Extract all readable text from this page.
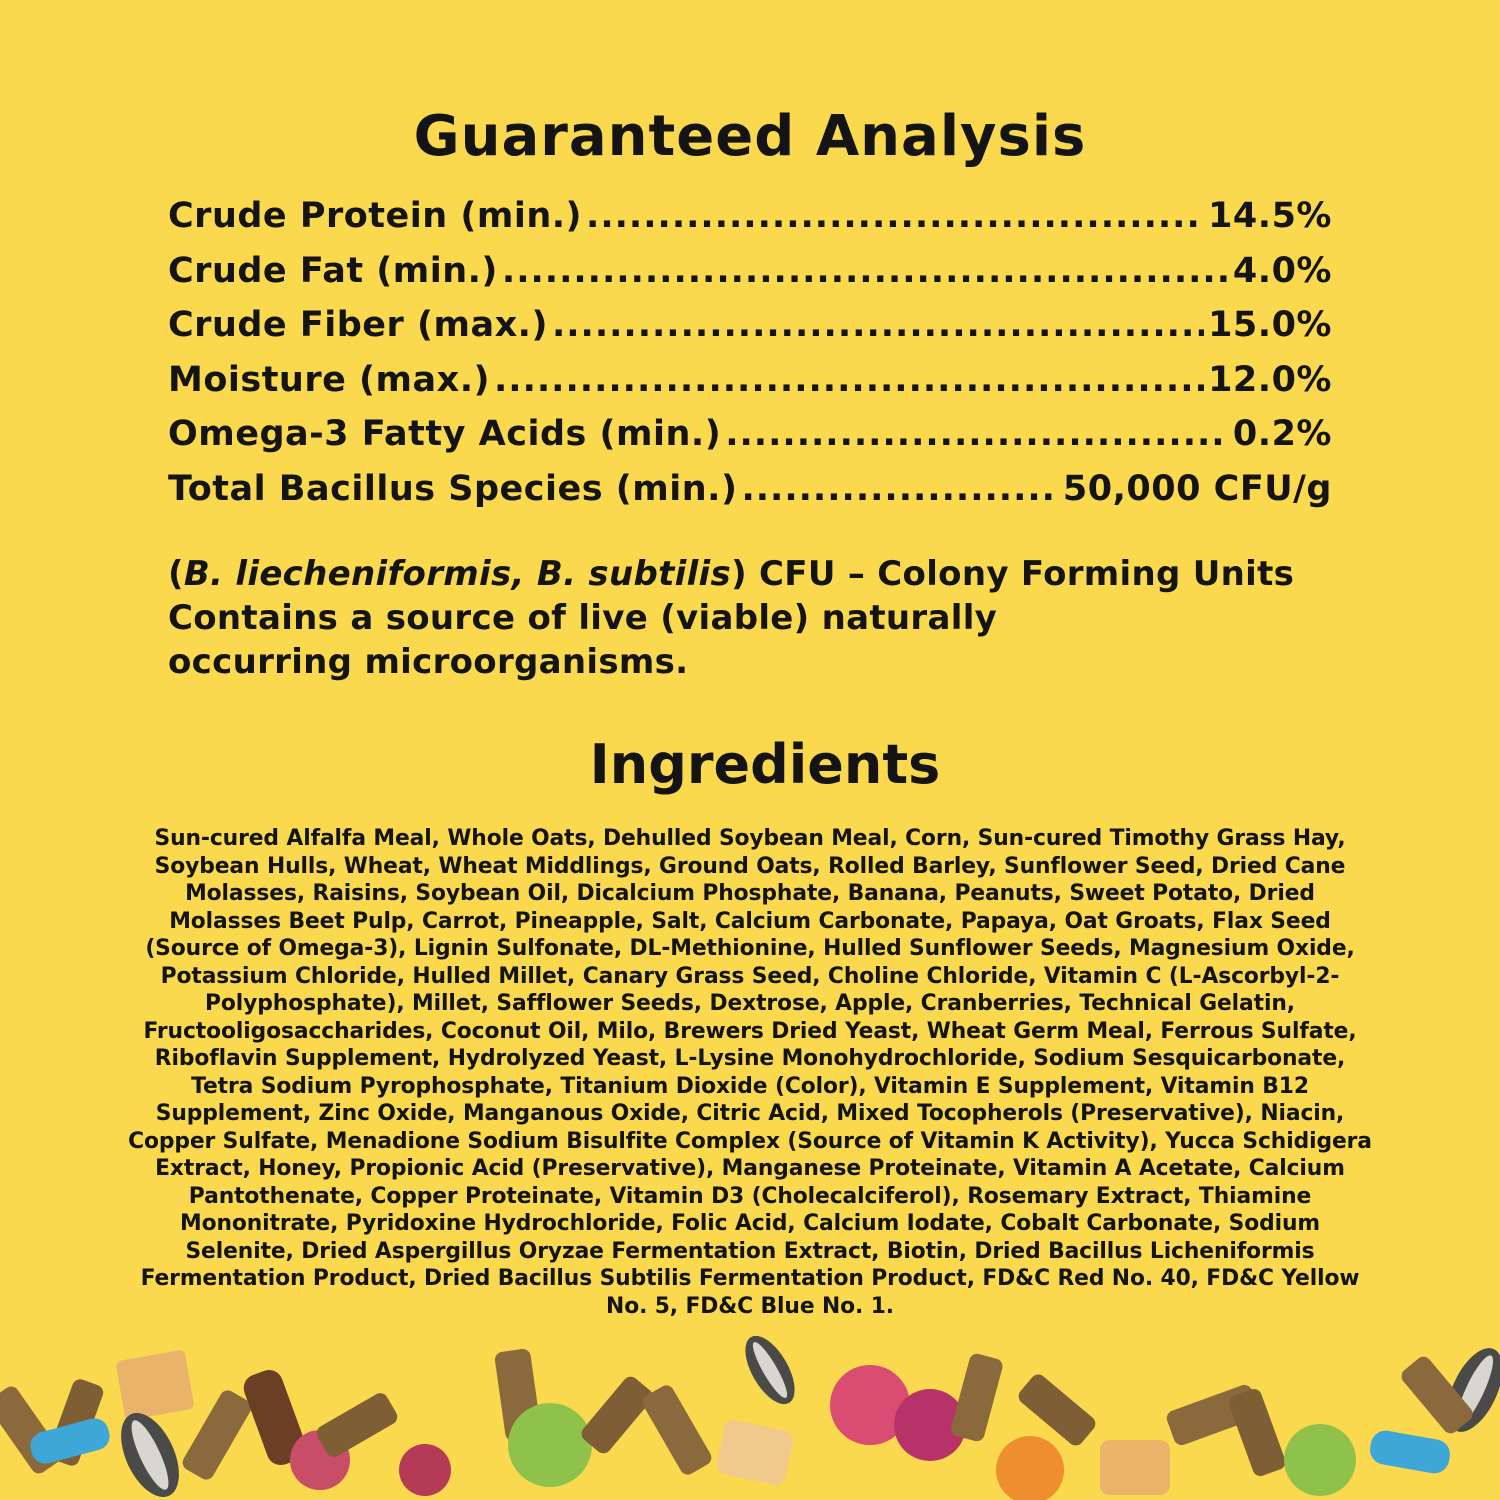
Guaranteed Analysis
Crude Protein (min.) .....	14.5%
Crude Fat (min.) .....	4.0%
Crude Fiber (max.) .....	15.0%
Moisture (max.) .....	12.0%
Omega-3 Fatty Acids (min.) .....	0.2%
Total Bacillus Species (min.) .....	50,000 CFU/g
(B. liecheniformis, B. subtilis) CFU – Colony Forming Units
Contains a source of live (viable) naturally
occurring microorganisms.
Ingredients
Sun-cured Alfalfa Meal, Whole Oats, Dehulled Soybean Meal, Corn, Sun-cured Timothy Grass Hay, Soybean Hulls, Wheat, Wheat Middlings, Ground Oats, Rolled Barley, Sunflower Seed, Dried Cane Molasses, Raisins, Soybean Oil, Dicalcium Phosphate, Banana, Peanuts, Sweet Potato, Dried Molasses Beet Pulp, Carrot, Pineapple, Salt, Calcium Carbonate, Papaya, Oat Groats, Flax Seed (Source of Omega-3), Lignin Sulfonate, DL-Methionine, Hulled Sunflower Seeds, Magnesium Oxide, Potassium Chloride, Hulled Millet, Canary Grass Seed, Choline Chloride, Vitamin C (L-Ascorbyl-2-Polyphosphate), Millet, Safflower Seeds, Dextrose, Apple, Cranberries, Technical Gelatin, Fructooligosaccharides, Coconut Oil, Milo, Brewers Dried Yeast, Wheat Germ Meal, Ferrous Sulfate, Riboflavin Supplement, Hydrolyzed Yeast, L-Lysine Monohydrochloride, Sodium Sesquicarbonate, Tetra Sodium Pyrophosphate, Titanium Dioxide (Color), Vitamin E Supplement, Vitamin B12 Supplement, Zinc Oxide, Manganous Oxide, Citric Acid, Mixed Tocopherols (Preservative), Niacin, Copper Sulfate, Menadione Sodium Bisulfite Complex (Source of Vitamin K Activity), Yucca Schidigera Extract, Honey, Propionic Acid (Preservative), Manganese Proteinate, Vitamin A Acetate, Calcium Pantothenate, Copper Proteinate, Vitamin D3 (Cholecalciferol), Rosemary Extract, Thiamine Mononitrate, Pyridoxine Hydrochloride, Folic Acid, Calcium Iodate, Cobalt Carbonate, Sodium Selenite, Dried Aspergillus Oryzae Fermentation Extract, Biotin, Dried Bacillus Licheniformis Fermentation Product, Dried Bacillus Subtilis Fermentation Product, FD&C Red No. 40, FD&C Yellow No. 5, FD&C Blue No. 1.
